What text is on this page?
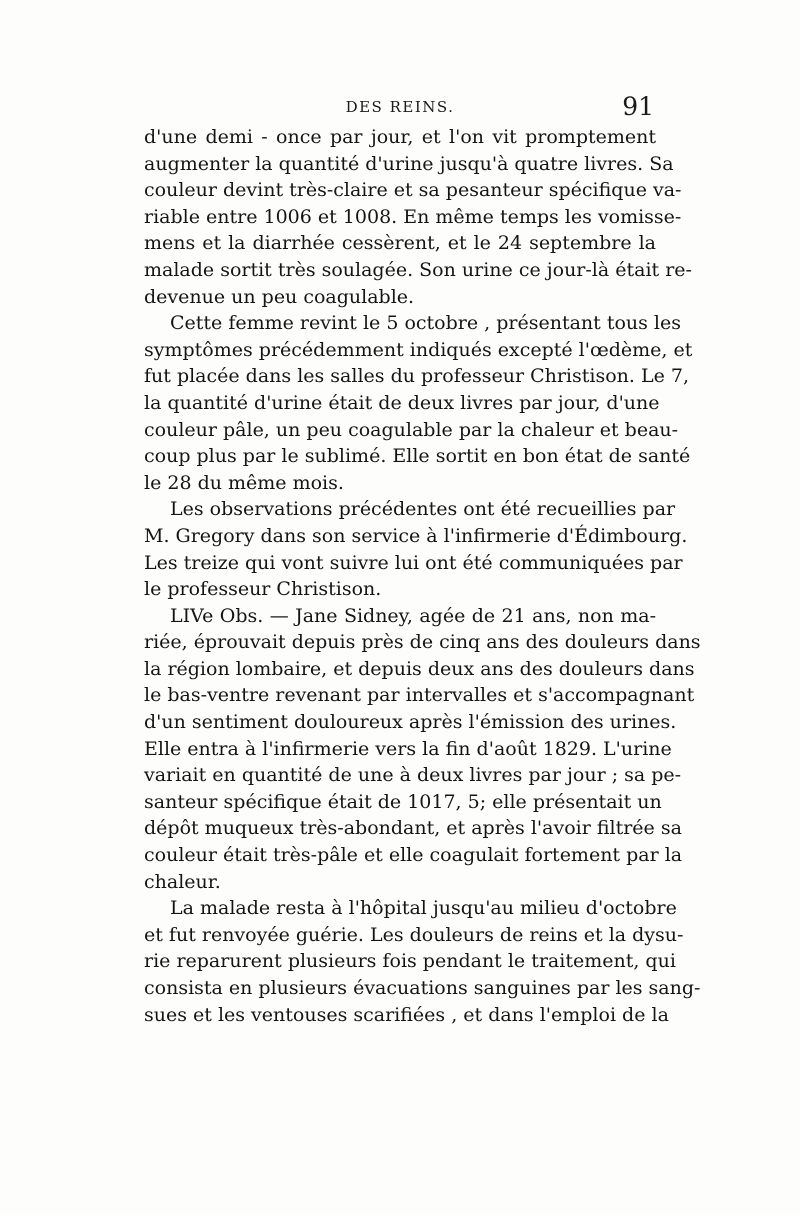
DES REINS.	91

d'une demi - once par jour, et l'on vit promptement
augmenter la quantité d'urine jusqu'à quatre livres. Sa
couleur devint très-claire et sa pesanteur spécifique va-
riable entre 1006 et 1008. En même temps les vomisse-
mens et la diarrhée cessèrent, et le 24 septembre la
malade sortit très soulagée. Son urine ce jour-là était re-
devenue un peu coagulable.

Cette femme revint le 5 octobre , présentant tous les
symptômes précédemment indiqués excepté l'œdème, et
fut placée dans les salles du professeur Christison. Le 7,
la quantité d'urine était de deux livres par jour, d'une
couleur pâle, un peu coagulable par la chaleur et beau-
coup plus par le sublimé. Elle sortit en bon état de santé
le 28 du même mois.

Les observations précédentes ont été recueillies par
M. Gregory dans son service à l'infirmerie d'Édimbourg.
Les treize qui vont suivre lui ont été communiquées par
le professeur Christison.

LIVe Obs. — Jane Sidney, agée de 21 ans, non ma-
riée, éprouvait depuis près de cinq ans des douleurs dans
la région lombaire, et depuis deux ans des douleurs dans
le bas-ventre revenant par intervalles et s'accompagnant
d'un sentiment douloureux après l'émission des urines.
Elle entra à l'infirmerie vers la fin d'août 1829. L'urine
variait en quantité de une à deux livres par jour ; sa pe-
santeur spécifique était de 1017, 5; elle présentait un
dépôt muqueux très-abondant, et après l'avoir filtrée sa
couleur était très-pâle et elle coagulait fortement par la
chaleur.

La malade resta à l'hôpital jusqu'au milieu d'octobre
et fut renvoyée guérie. Les douleurs de reins et la dysu-
rie reparurent plusieurs fois pendant le traitement, qui
consista en plusieurs évacuations sanguines par les sang-
sues et les ventouses scarifiées , et dans l'emploi de la
